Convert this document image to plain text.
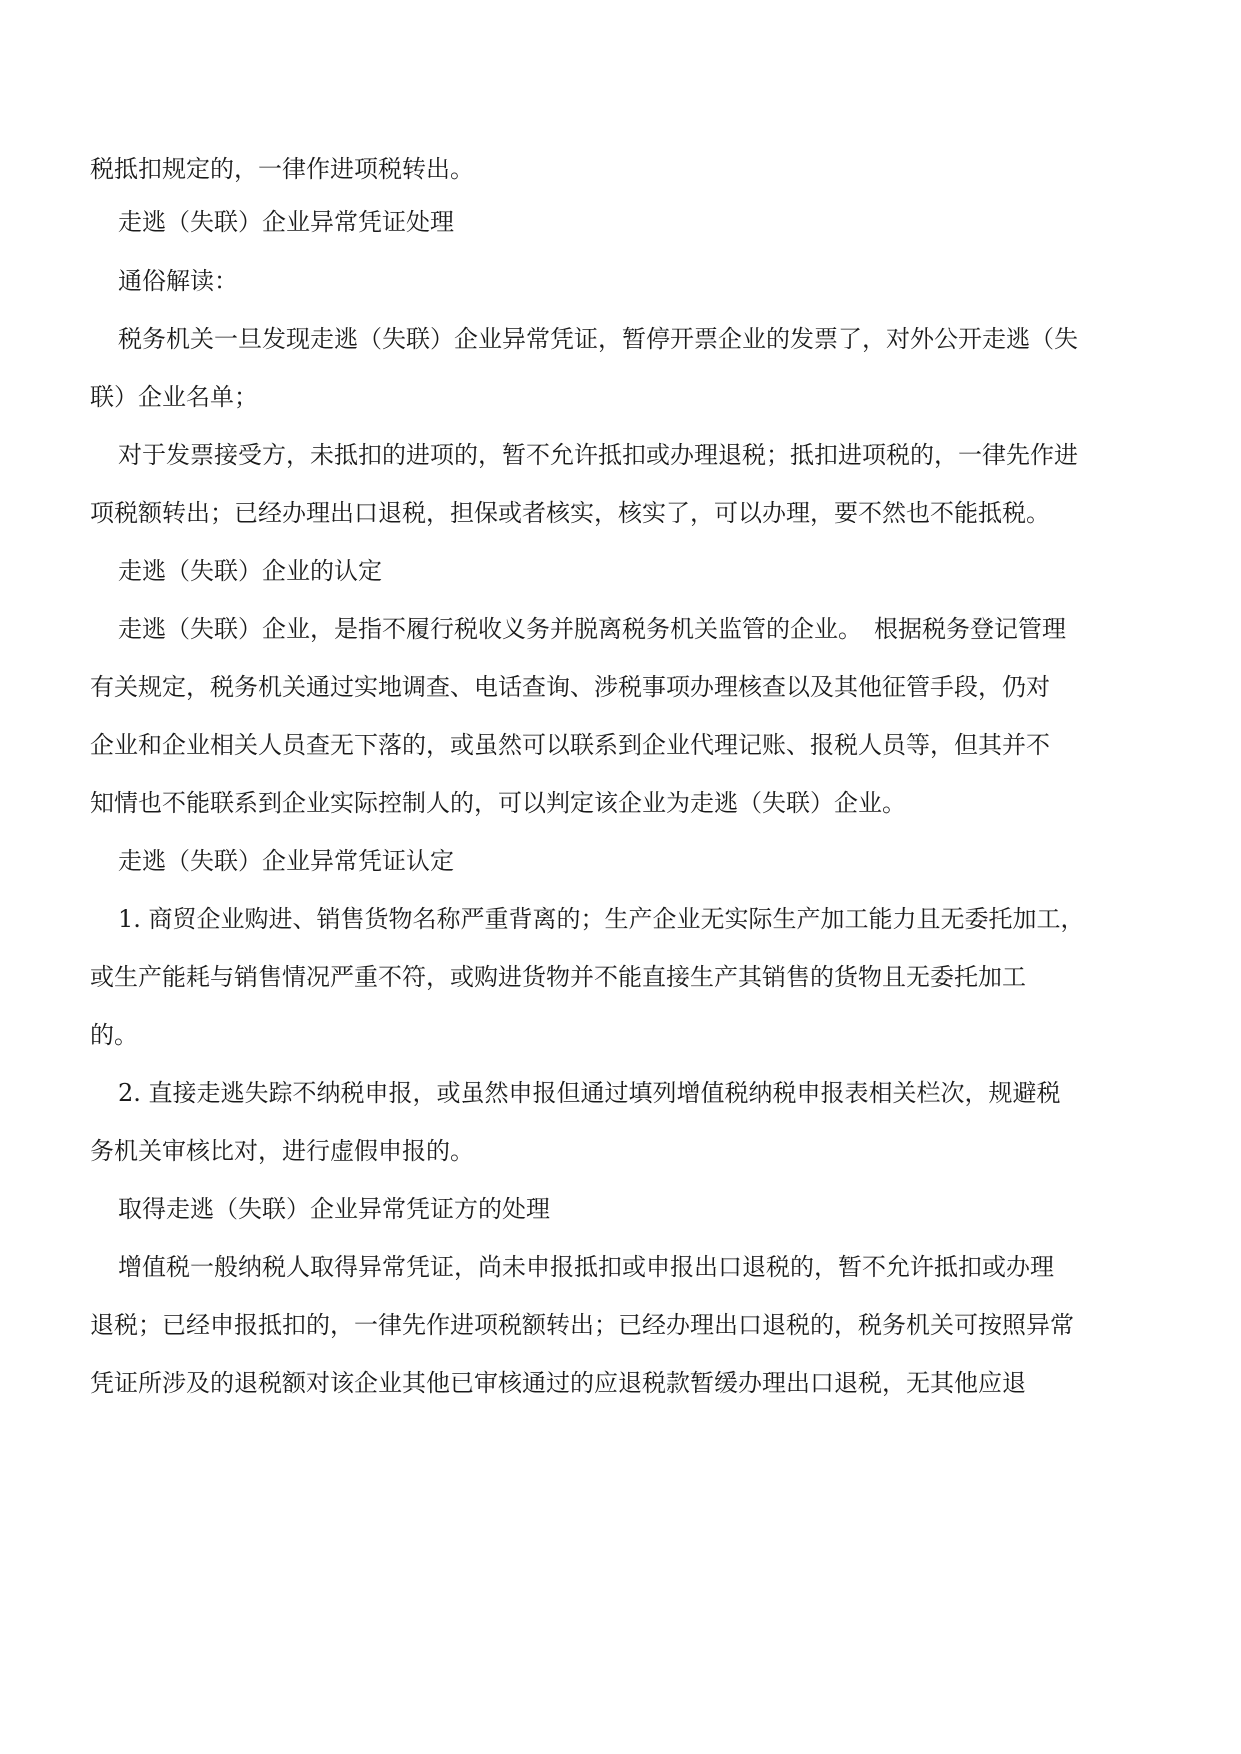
税抵扣规定的，一律作进项税转出。

走逃（失联）企业异常凭证处理

通俗解读：

税务机关一旦发现走逃（失联）企业异常凭证，暂停开票企业的发票了，对外公开走逃（失

联）企业名单；

对于发票接受方，未抵扣的进项的，暂不允许抵扣或办理退税；抵扣进项税的，一律先作进

项税额转出；已经办理出口退税，担保或者核实，核实了，可以办理，要不然也不能抵税。

走逃（失联）企业的认定

走逃（失联）企业，是指不履行税收义务并脱离税务机关监管的企业。　根据税务登记管理

有关规定，税务机关通过实地调查、电话查询、涉税事项办理核查以及其他征管手段，仍对

企业和企业相关人员查无下落的，或虽然可以联系到企业代理记账、报税人员等，但其并不

知情也不能联系到企业实际控制人的，可以判定该企业为走逃（失联）企业。

走逃（失联）企业异常凭证认定

1. 商贸企业购进、销售货物名称严重背离的；生产企业无实际生产加工能力且无委托加工，

或生产能耗与销售情况严重不符，或购进货物并不能直接生产其销售的货物且无委托加工

的。

2. 直接走逃失踪不纳税申报，或虽然申报但通过填列增值税纳税申报表相关栏次，规避税

务机关审核比对，进行虚假申报的。

取得走逃（失联）企业异常凭证方的处理

增值税一般纳税人取得异常凭证，尚未申报抵扣或申报出口退税的，暂不允许抵扣或办理

退税；已经申报抵扣的，一律先作进项税额转出；已经办理出口退税的，税务机关可按照异常

凭证所涉及的退税额对该企业其他已审核通过的应退税款暂缓办理出口退税，无其他应退
